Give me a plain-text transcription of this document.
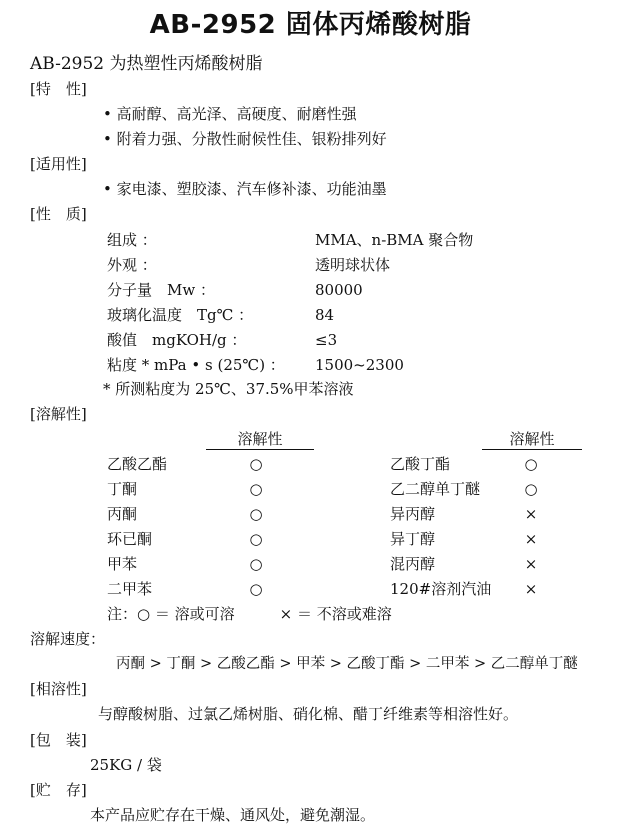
AB-2952 固体丙烯酸树脂
AB-2952 为热塑性丙烯酸树脂
[特　性]
• 高耐醇、高光泽、高硬度、耐磨性强
• 附着力强、分散性耐候性佳、银粉排列好
[适用性]
• 家电漆、塑胶漆、汽车修补漆、功能油墨
[性　质]
组成 ：	MMA、n-BMA 聚合物
外观 ：	透明球状体
分子量　Mw ：	80000
玻璃化温度　Tg℃ ：	84
酸值　mgKOH/g ：	≤3
粘度 * mPa • s (25℃) ： 1500~2300
* 所测粘度为 25℃、37.5%甲苯溶液
[溶解性]
溶解性	溶解性
乙酸乙酯	○
丁酮	○
丙酮	○
环已酮	○
甲苯	○
二甲苯	○
乙酸丁酯	○
乙二醇单丁醚	○
异丙醇	×
异丁醇	×
混丙醇	×
120#溶剂汽油	×
注：○ ＝ 溶或可溶　　　× ＝ 不溶或难溶
溶解速度：
丙酮 > 丁酮 > 乙酸乙酯 > 甲苯 > 乙酸丁酯 > 二甲苯 > 乙二醇单丁醚
[相溶性]
与醇酸树脂、过氯乙烯树脂、硝化棉、醋丁纤维素等相溶性好。
[包　装]
25KG / 袋
[贮　存]
本产品应贮存在干燥、通风处，避免潮湿。
